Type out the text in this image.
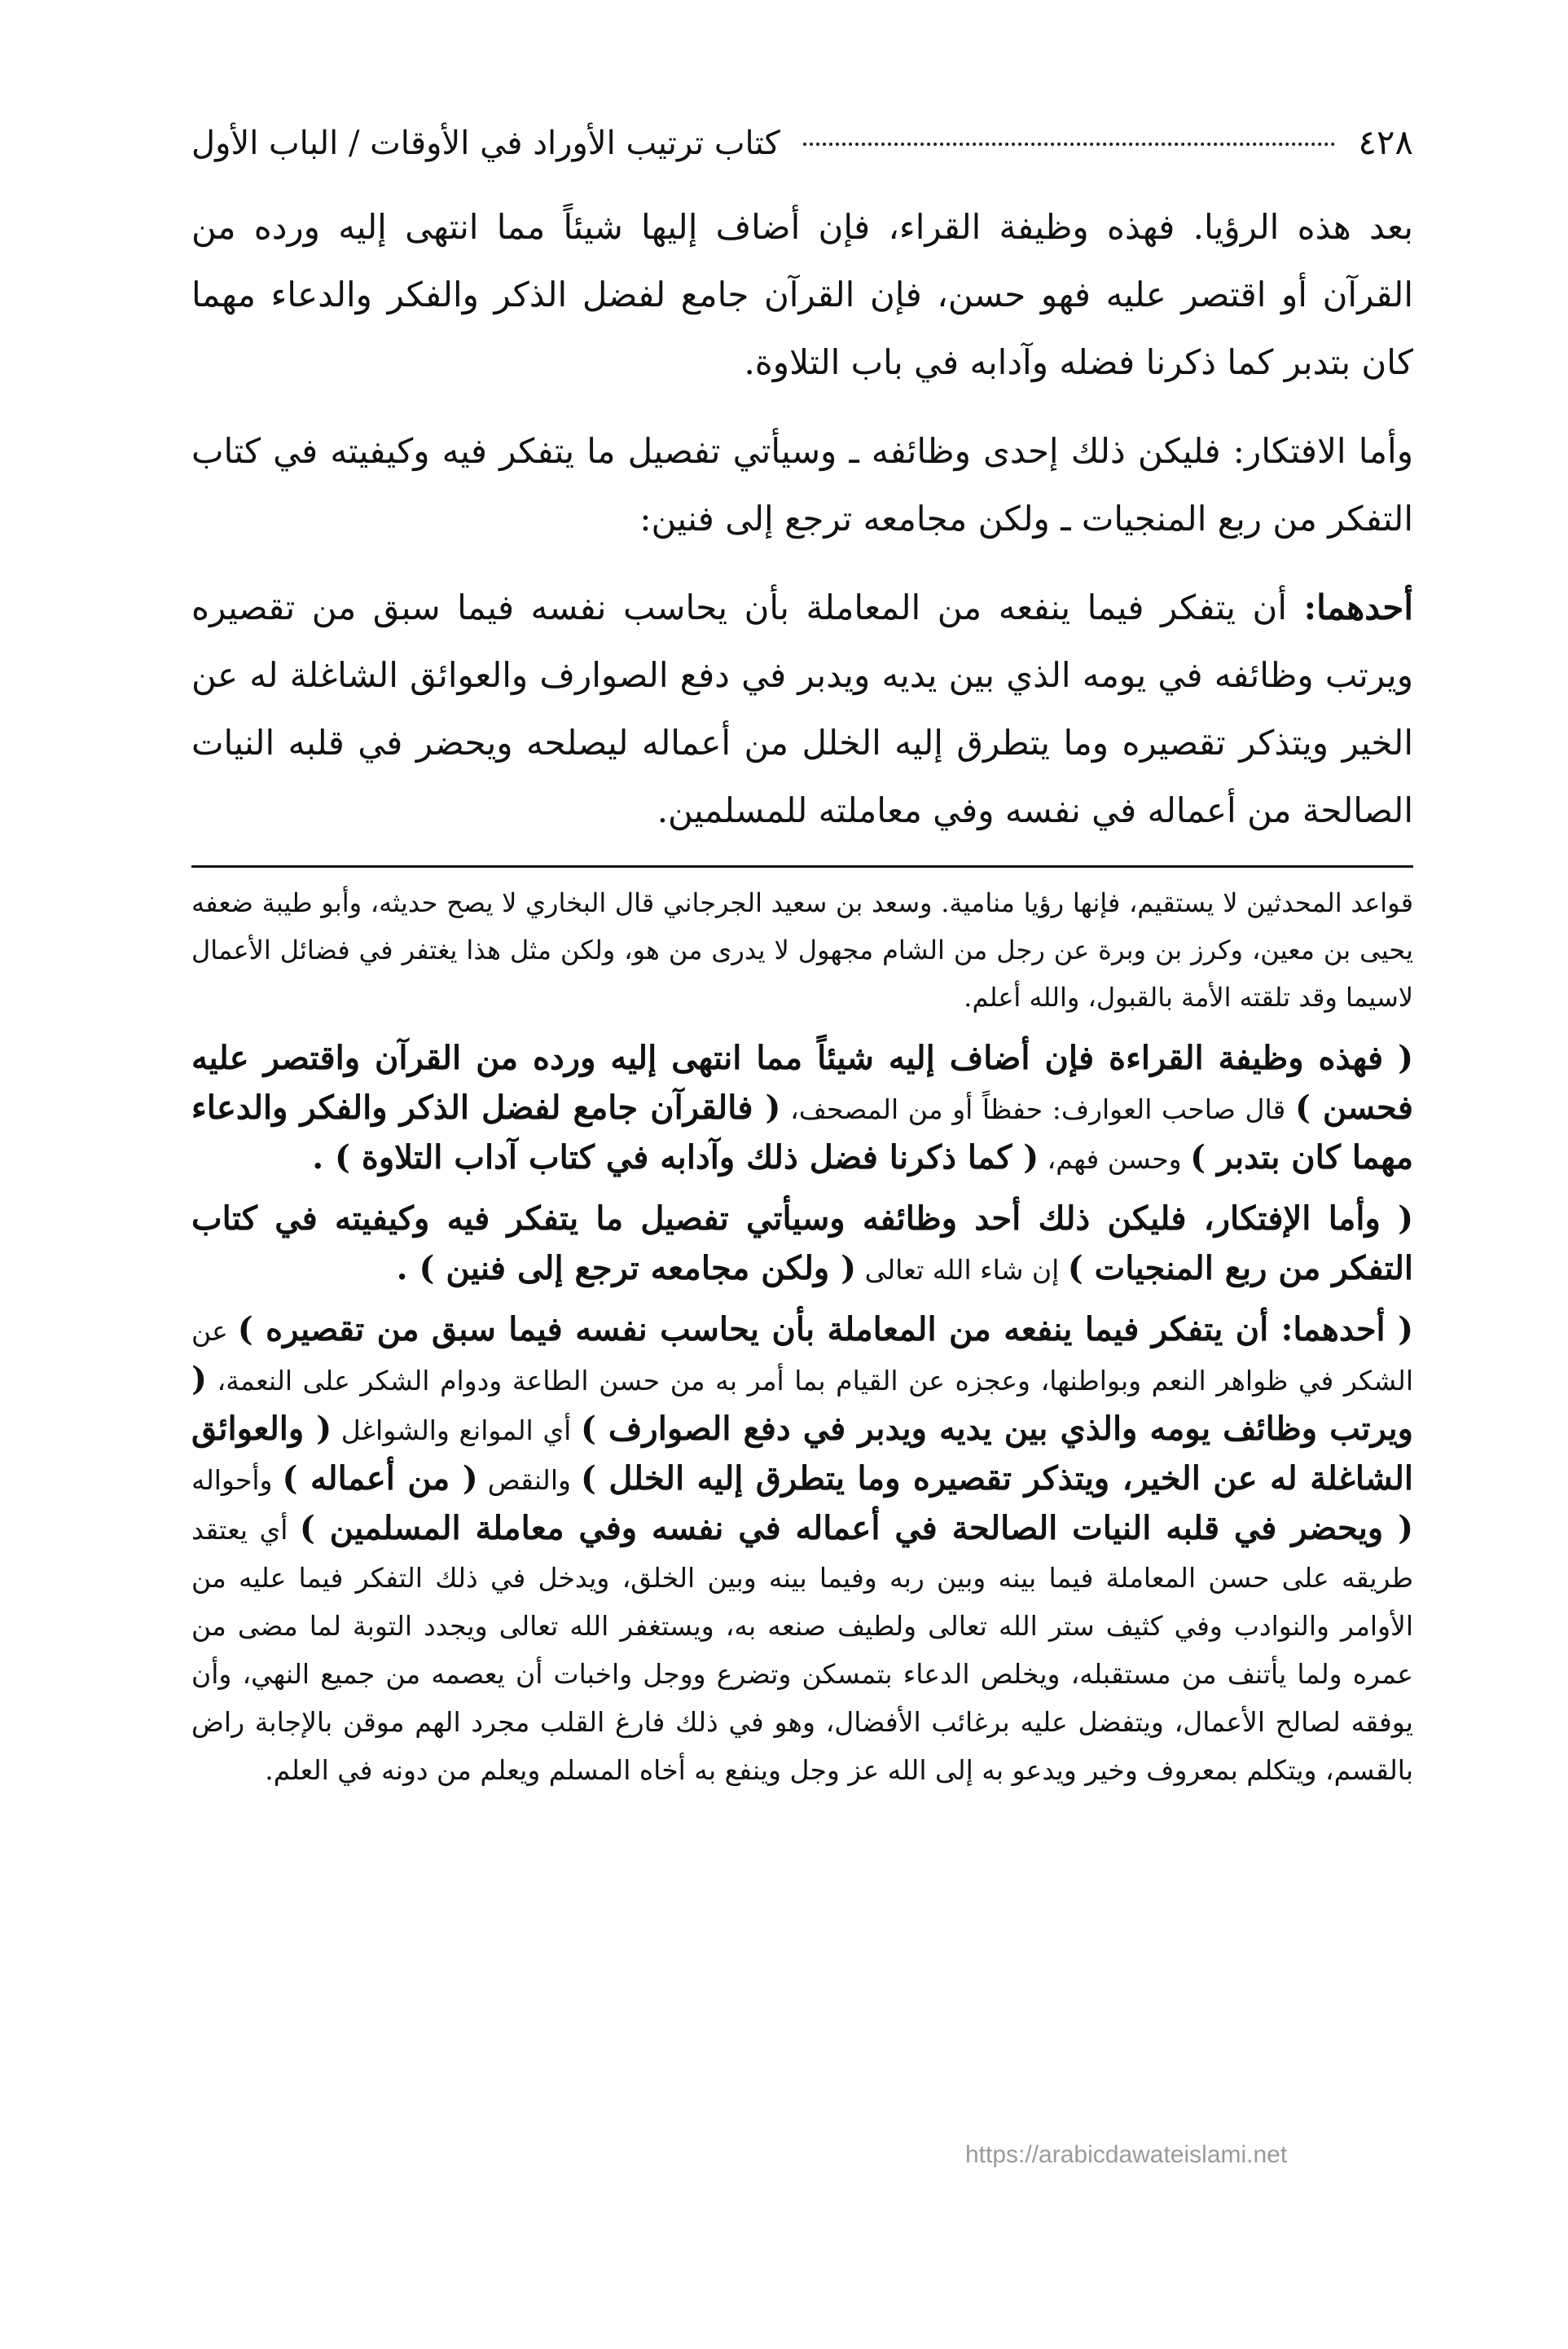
٤٢٨
كتاب ترتيب الأوراد في الأوقات / الباب الأول

بعد هذه الرؤيا. فهذه وظيفة القراء، فإن أضاف إليها شيئاً مما انتهى إليه ورده من القرآن أو اقتصر عليه فهو حسن، فإن القرآن جامع لفضل الذكر والفكر والدعاء مهما كان بتدبر كما ذكرنا فضله وآدابه في باب التلاوة.

وأما الافتكار: فليكن ذلك إحدى وظائفه ـ وسيأتي تفصيل ما يتفكر فيه وكيفيته في كتاب التفكر من ربع المنجيات ـ ولكن مجامعه ترجع إلى فنين:

أحدهما: أن يتفكر فيما ينفعه من المعاملة بأن يحاسب نفسه فيما سبق من تقصيره ويرتب وظائفه في يومه الذي بين يديه ويدبر في دفع الصوارف والعوائق الشاغلة له عن الخير ويتذكر تقصيره وما يتطرق إليه الخلل من أعماله ليصلحه ويحضر في قلبه النيات الصالحة من أعماله في نفسه وفي معاملته للمسلمين.

قواعد المحدثين لا يستقيم، فإنها رؤيا منامية. وسعد بن سعيد الجرجاني قال البخاري لا يصح حديثه، وأبو طيبة ضعفه يحيى بن معين، وكرز بن وبرة عن رجل من الشام مجهول لا يدرى من هو، ولكن مثل هذا يغتفر في فضائل الأعمال لاسيما وقد تلقته الأمة بالقبول، والله أعلم.

( فهذه وظيفة القراءة فإن أضاف إليه شيئاً مما انتهى إليه ورده من القرآن واقتصر عليه فحسن ) قال صاحب العوارف: حفظاً أو من المصحف، ( فالقرآن جامع لفضل الذكر والفكر والدعاء مهما كان بتدبر ) وحسن فهم، ( كما ذكرنا فضل ذلك وآدابه في كتاب آداب التلاوة ) .

( وأما الإفتكار، فليكن ذلك أحد وظائفه وسيأتي تفصيل ما يتفكر فيه وكيفيته في كتاب التفكر من ربع المنجيات ) إن شاء الله تعالى ( ولكن مجامعه ترجع إلى فنين ) .

( أحدهما: أن يتفكر فيما ينفعه من المعاملة بأن يحاسب نفسه فيما سبق من تقصيره ) عن الشكر في ظواهر النعم وبواطنها، وعجزه عن القيام بما أمر به من حسن الطاعة ودوام الشكر على النعمة، ( ويرتب وظائف يومه والذي بين يديه ويدبر في دفع الصوارف ) أي الموانع والشواغل ( والعوائق الشاغلة له عن الخير، ويتذكر تقصيره وما يتطرق إليه الخلل ) والنقص ( من أعماله ) وأحواله ( ويحضر في قلبه النيات الصالحة في أعماله في نفسه وفي معاملة المسلمين ) أي يعتقد طريقه على حسن المعاملة فيما بينه وبين ربه وفيما بينه وبين الخلق، ويدخل في ذلك التفكر فيما عليه من الأوامر والنوادب وفي كثيف ستر الله تعالى ولطيف صنعه به، ويستغفر الله تعالى ويجدد التوبة لما مضى من عمره ولما يأتنف من مستقبله، ويخلص الدعاء بتمسكن وتضرع ووجل واخبات أن يعصمه من جميع النهي، وأن يوفقه لصالح الأعمال، ويتفضل عليه برغائب الأفضال، وهو في ذلك فارغ القلب مجرد الهم موقن بالإجابة راض بالقسم، ويتكلم بمعروف وخير ويدعو به إلى الله عز وجل وينفع به أخاه المسلم ويعلم من دونه في العلم.

https://arabicdawateislami.net
